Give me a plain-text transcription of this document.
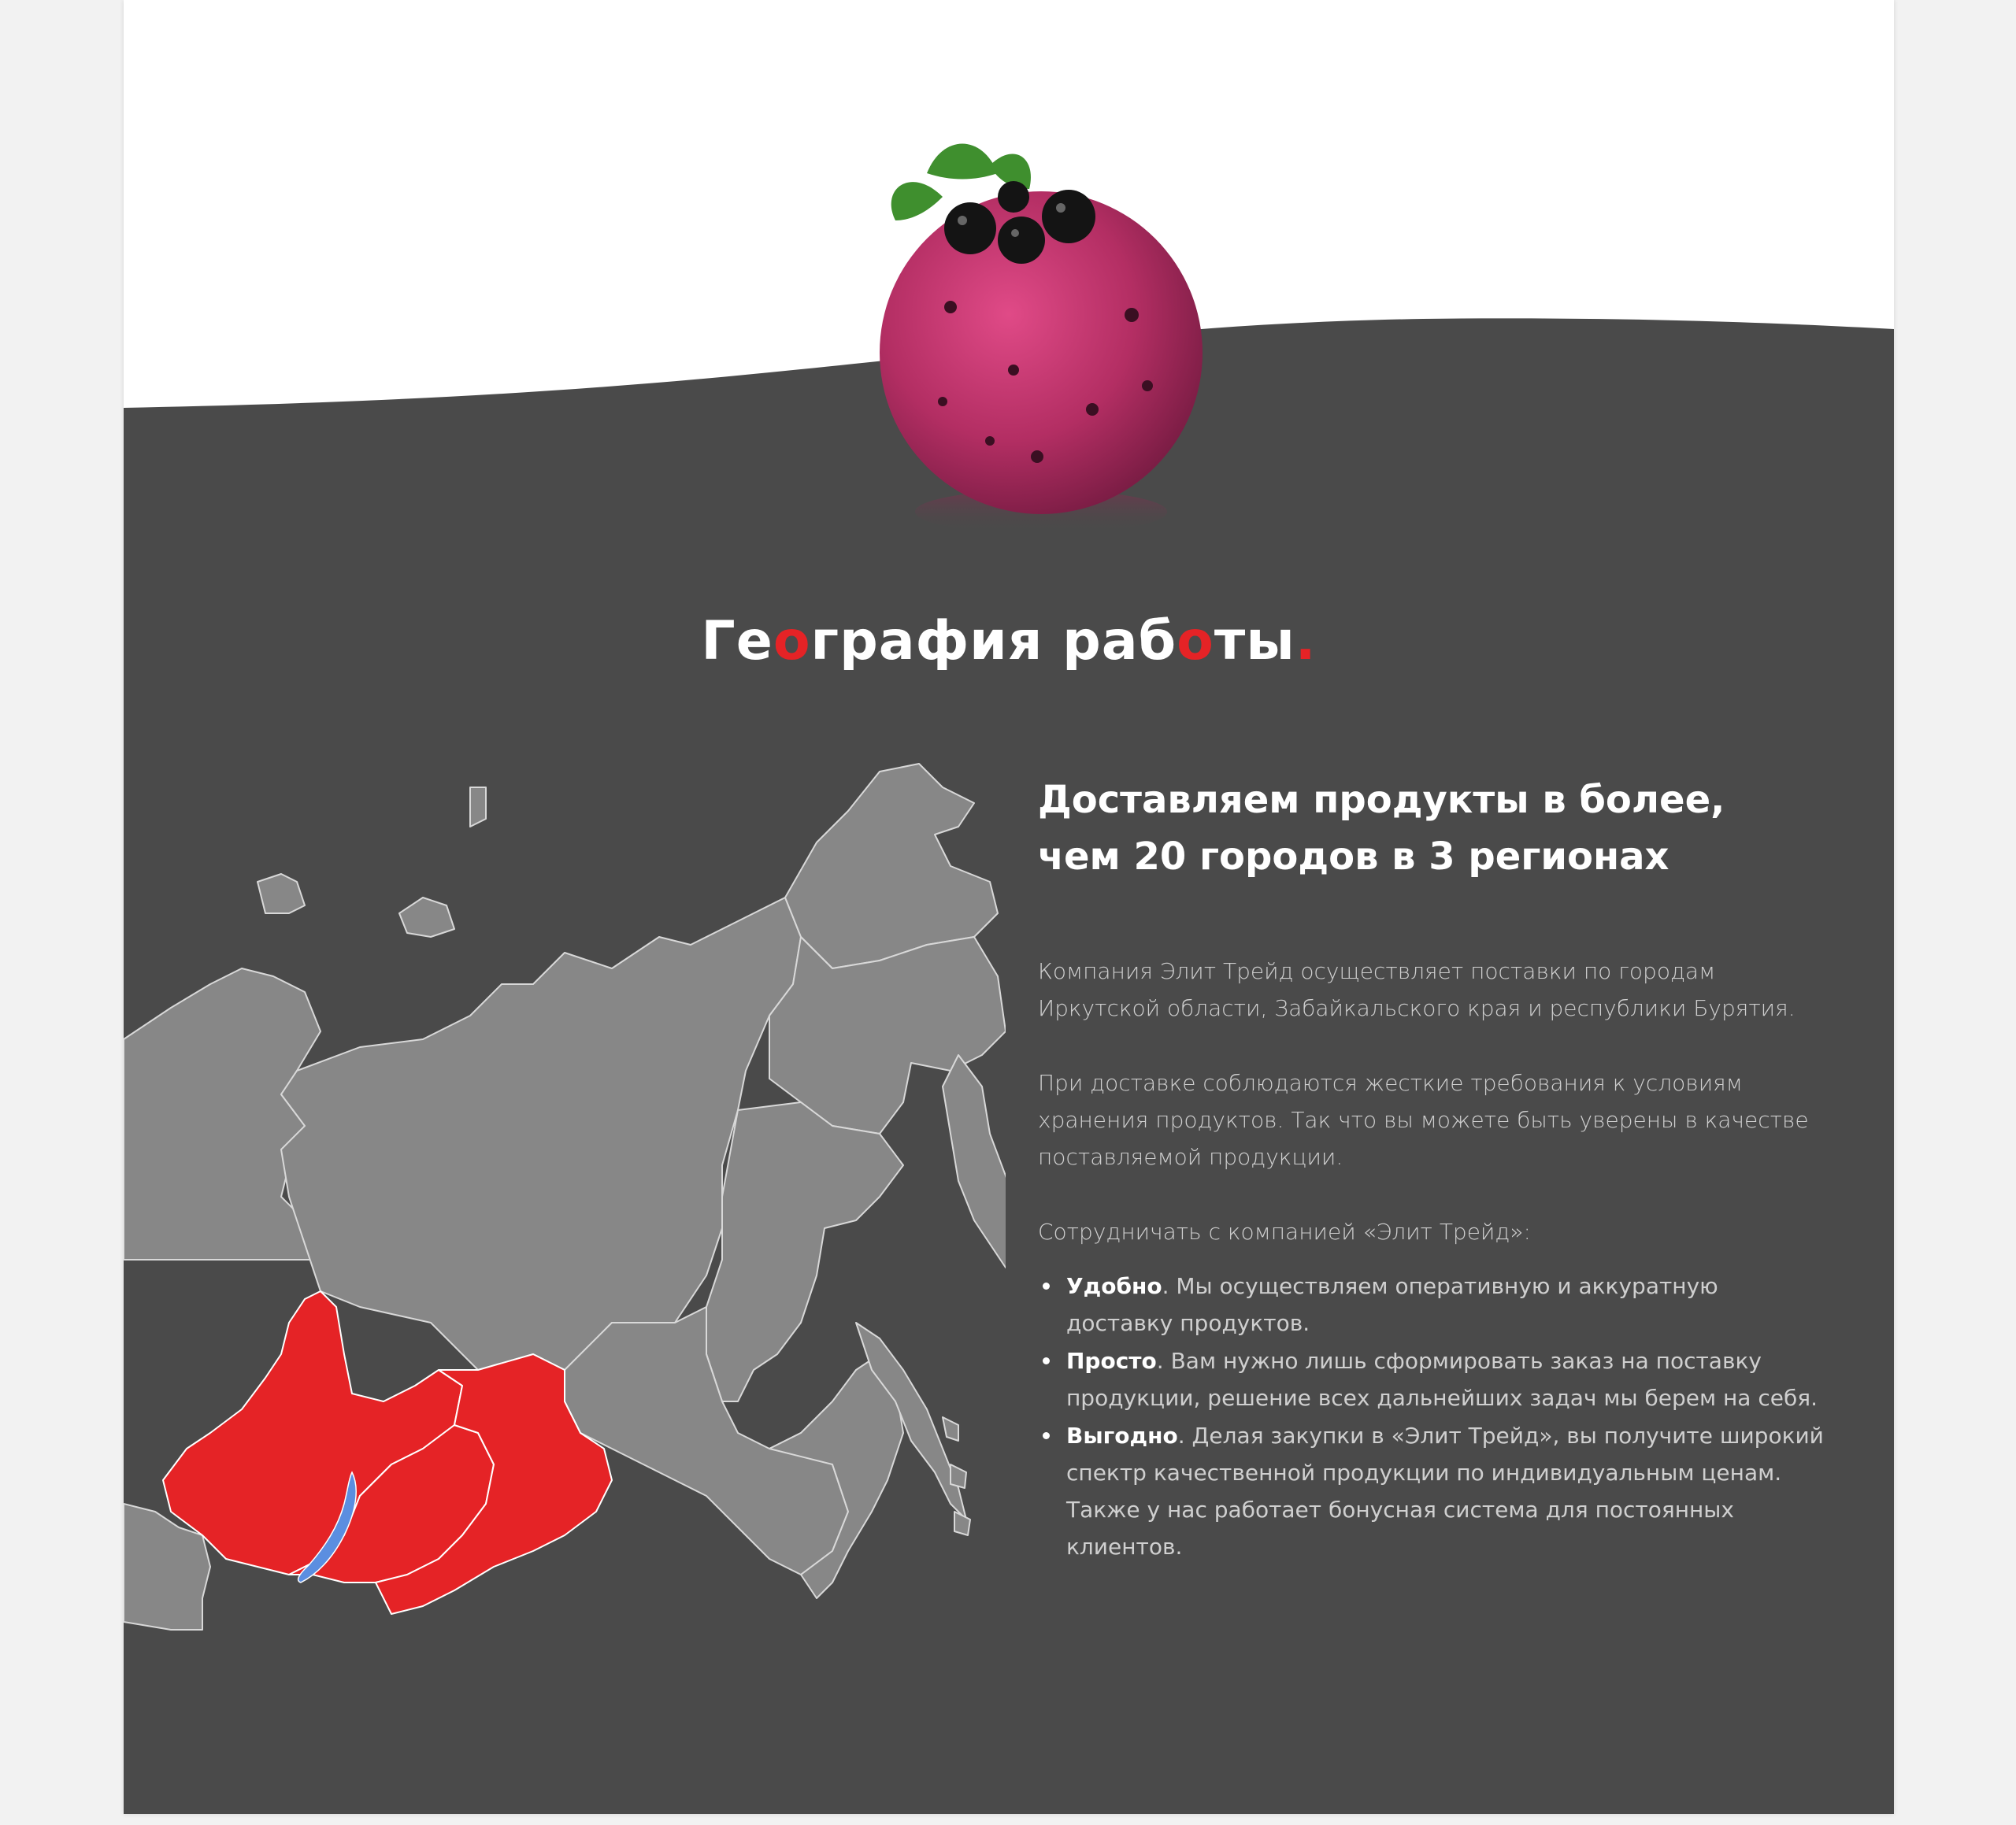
География работы.
Доставляем продукты в более,
чем 20 городов в 3 регионах

Компания Элит Трейд осуществляет поставки по городам Иркутской области, Забайкальского края и республики Бурятия.

При доставке соблюдаются жесткие требования к условиям хранения продуктов. Так что вы можете быть уверены в качестве поставляемой продукции.

Сотрудничать с компанией «Элит Трейд»:

Удобно. Мы осуществляем оперативную и аккуратную доставку продуктов.
Просто. Вам нужно лишь сформировать заказ на поставку продукции, решение всех дальнейших задач мы берем на себя.
Выгодно. Делая закупки в «Элит Трейд», вы получите широкий спектр качественной продукции по индивидуальным ценам. Также у нас работает бонусная система для постоянных клиентов.
